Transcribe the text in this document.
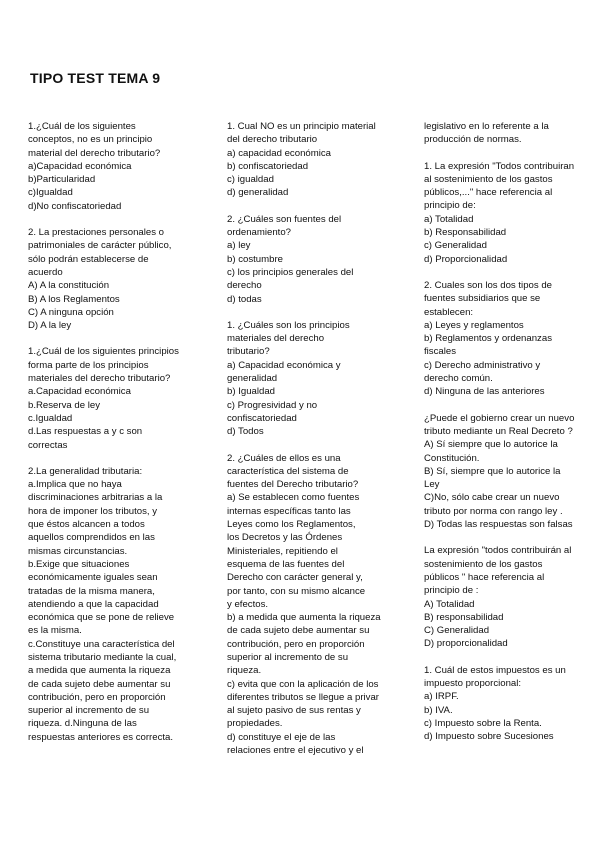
TIPO TEST TEMA 9
1.¿Cuál de los siguientes
conceptos, no es un principio
material del derecho tributario?
a)Capacidad económica
b)Particularidad
c)Igualdad
d)No confiscatoriedad
2. La prestaciones personales o
patrimoniales de carácter público,
sólo podrán establecerse de
acuerdo
A) A la constitución
B) A los Reglamentos
C) A ninguna opción
D) A la ley
1.¿Cuál de los siguientes principios
forma parte de los principios
materiales del derecho tributario?
a.Capacidad económica
b.Reserva de ley
c.Igualdad
d.Las respuestas a y c son
correctas
2.La generalidad tributaria:
a.Implica que no haya
discriminaciones arbitrarias a la
hora de imponer los tributos, y
que éstos alcancen a todos
aquellos comprendidos en las
mismas circunstancias.
b.Exige que situaciones
económicamente iguales sean
tratadas de la misma manera,
atendiendo a que la capacidad
económica que se pone de relieve
es la misma.
c.Constituye una característica del
sistema tributario mediante la cual,
a medida que aumenta la riqueza
de cada sujeto debe aumentar su
contribución, pero en proporción
superior al incremento de su
riqueza. d.Ninguna de las
respuestas anteriores es correcta.
1. Cual NO es un principio material
del derecho tributario
a) capacidad económica
b) confiscatoriedad
c) igualdad
d) generalidad
2. ¿Cuáles son fuentes del
ordenamiento?
a) ley
b) costumbre
c) los principios generales del
derecho
d) todas
1. ¿Cuáles son los principios
materiales del derecho
tributario?
a) Capacidad económica y
generalidad
b) Igualdad
c) Progresividad y no
confiscatoriedad
d) Todos
2. ¿Cuáles de ellos es una
característica del sistema de
fuentes del Derecho tributario?
a) Se establecen como fuentes
internas específicas tanto las
Leyes como los Reglamentos,
los Decretos y las Órdenes
Ministeriales, repitiendo el
esquema de las fuentes del
Derecho con carácter general y,
por tanto, con su mismo alcance
y efectos.
b) a medida que aumenta la riqueza
de cada sujeto debe aumentar su
contribución, pero en proporción
superior al incremento de su
riqueza.
c) evita que con la aplicación de los
diferentes tributos se llegue a privar
al sujeto pasivo de sus rentas y
propiedades.
d) constituye el eje de las
relaciones entre el ejecutivo y el
legislativo en lo referente a la
producción de normas.
1. La expresión "Todos contribuiran
al sostenimiento de los gastos
públicos,..." hace referencia al
principio de:
a) Totalidad
b) Responsabilidad
c) Generalidad
d) Proporcionalidad
2. Cuales son los dos tipos de
fuentes subsidiarios que se
establecen:
a) Leyes y reglamentos
b) Reglamentos y ordenanzas
fiscales
c) Derecho administrativo y
derecho común.
d) Ninguna de las anteriores
¿Puede el gobierno crear un nuevo
tributo mediante un Real Decreto ?
A) Sí siempre que lo autorice la
Constitución.
B) Sí, siempre que lo autorice la
Ley
C)No, sólo cabe crear un nuevo
tributo por norma con rango ley .
D) Todas las respuestas son falsas
La expresión "todos contribuirán al
sostenimiento de los gastos
públicos " hace referencia al
principio de :
A) Totalidad
B) responsabilidad
C) Generalidad
D) proporcionalidad
1. Cuál de estos impuestos es un
impuesto proporcional:
a) IRPF.
b) IVA.
c) Impuesto sobre la Renta.
d) Impuesto sobre Sucesiones
